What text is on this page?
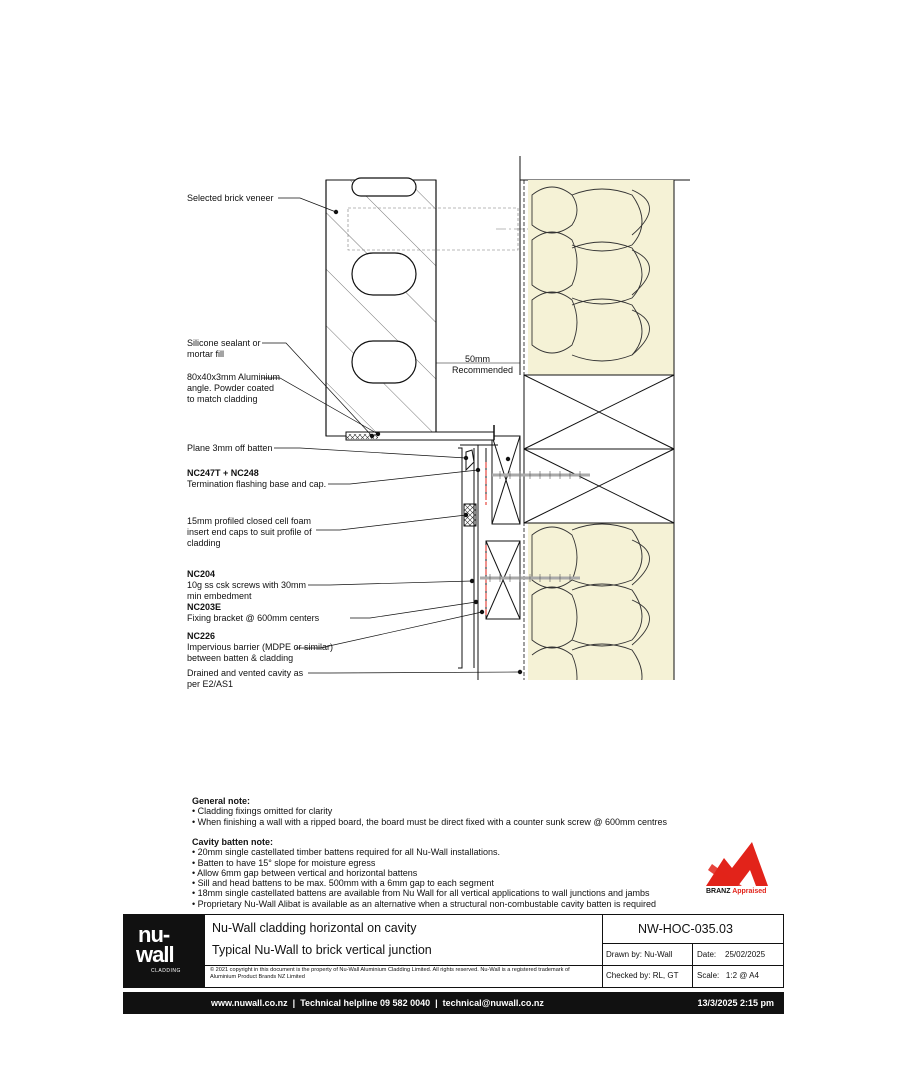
Selected brick veneer
Silicone sealant or
mortar fill
80x40x3mm Aluminium
angle. Powder coated
to match cladding
Plane 3mm off batten
NC247T + NC248
Termination flashing base and cap.
15mm profiled closed cell foam
insert end caps to suit profile of
cladding
NC204
10g ss csk screws with 30mm
min embedment
NC203E
Fixing bracket @ 600mm centers
NC226
Impervious barrier (MDPE or similar)
between batten & cladding
Drained and vented cavity as
per E2/AS1
50mm
Recommended
General note:
• Cladding fixings omitted for clarity
• When finishing a wall with a ripped board, the board must be direct fixed with a counter sunk screw @ 600mm centres
Cavity batten note:
• 20mm single castellated timber battens required for all Nu-Wall installations.
• Batten to have 15° slope for moisture egress
• Allow 6mm gap between vertical and horizontal battens
• Sill and head battens to be max. 500mm with a 6mm gap to each segment
• 18mm single castellated battens are available from Nu Wall for all vertical applications to wall junctions and jambs
• Proprietary Nu-Wall Alibat is available as an alternative when a structural non-combustable cavity batten is required
BRANZ Appraised
nu-
wall
CLADDING
Nu-Wall cladding horizontal on cavity
Typical Nu-Wall to brick vertical junction
© 2021 copyright in this document is the property of Nu-Wall Aluminium Cladding Limited. All rights reserved. Nu-Wall is a registered trademark of Aluminium Product Brands NZ Limited
NW-HOC-035.03
Drawn by: Nu-Wall	Date:    25/02/2025
Checked by: RL, GT Scale:   1:2 @ A4
www.nuwall.co.nz  |  Technical helpline 09 582 0040  |  technical@nuwall.co.nz	13/3/2025 2:15 pm
